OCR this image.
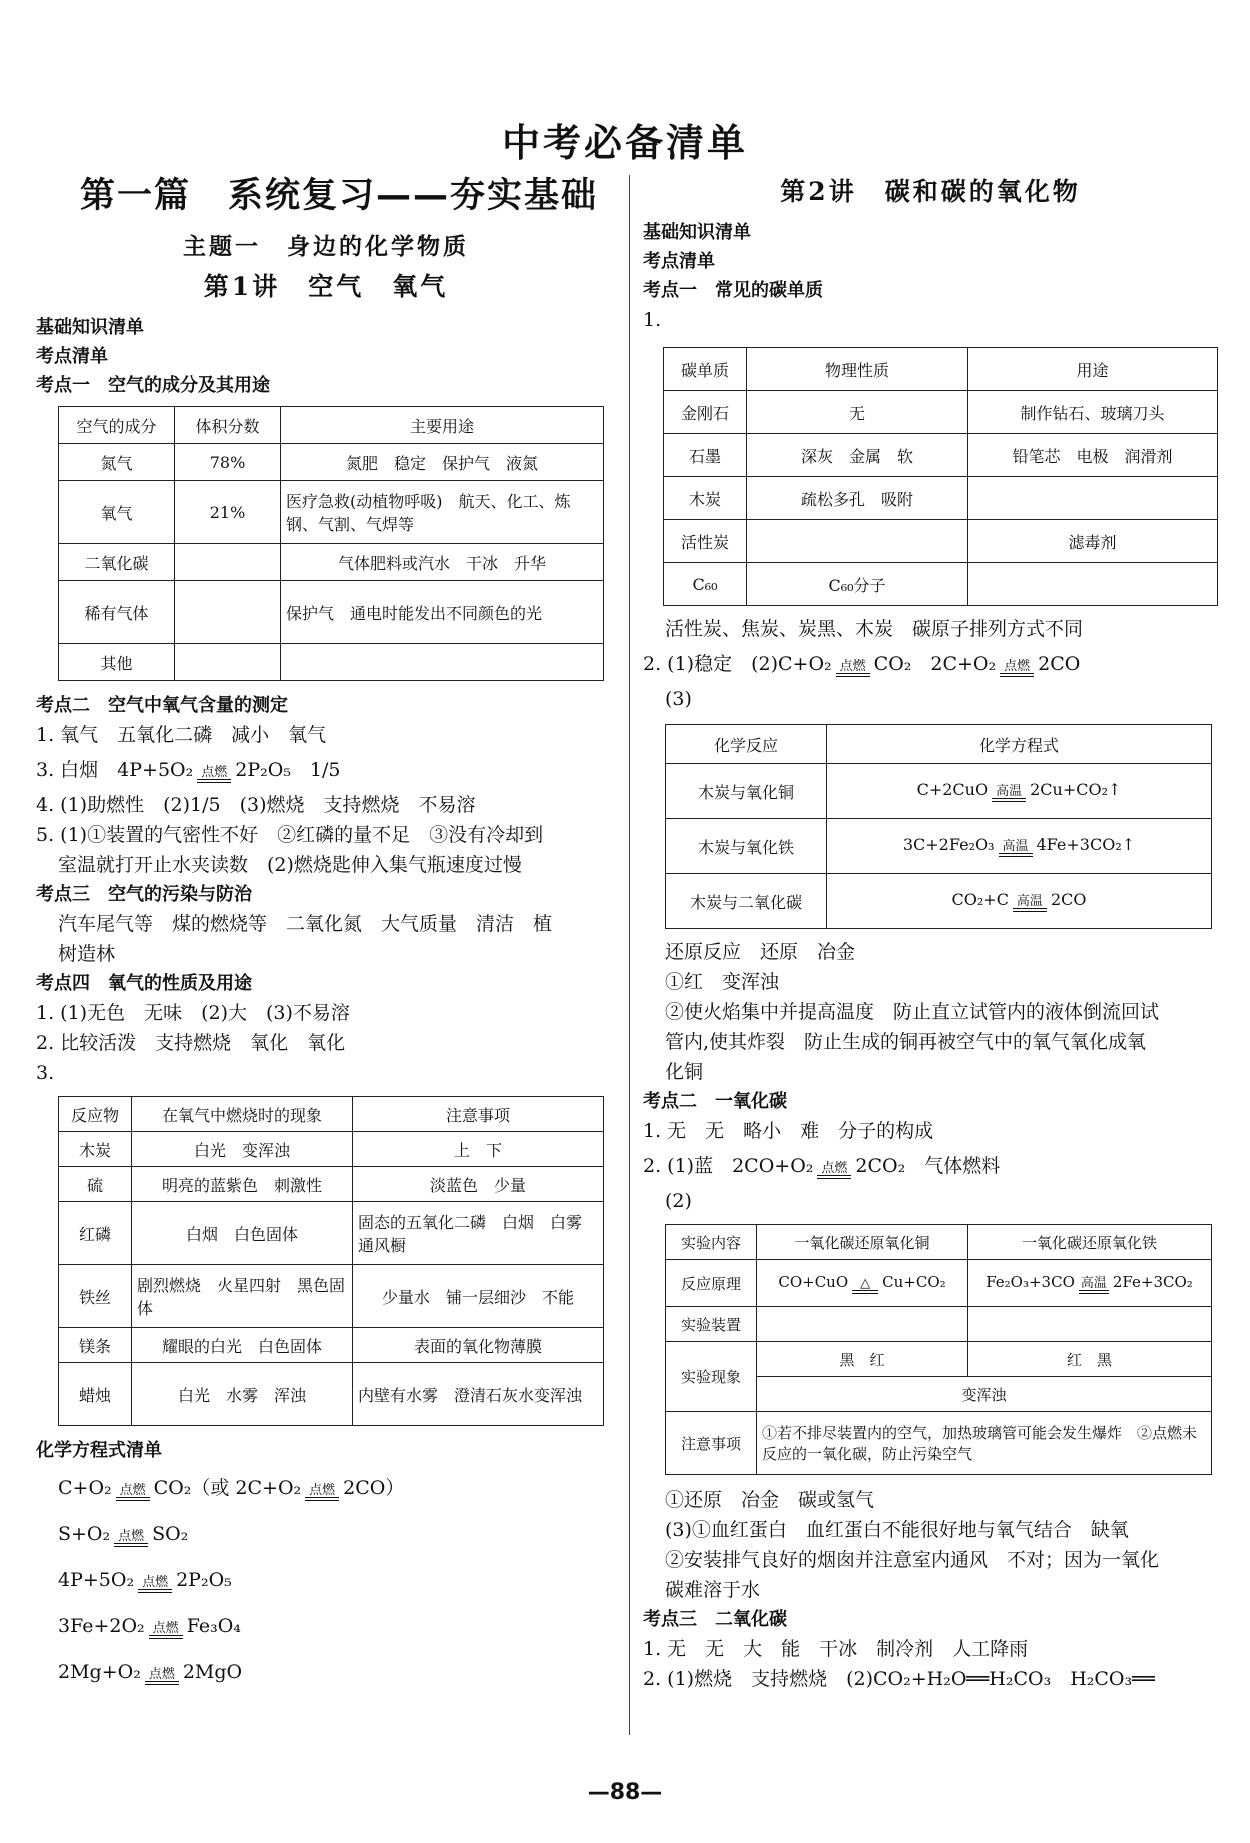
中考必备清单
第一篇　系统复习——夯实基础
主题一　身边的化学物质
第1讲　空气　氧气
基础知识清单
考点清单
考点一　空气的成分及其用途
空气的成分	体积分数	主要用途
氮气	78%	氮肥　稳定　保护气　液氮
氧气	21%	医疗急救(动植物呼吸)　航天、化工、炼钢、气割、气焊等
二氧化碳		气体肥料或汽水　干冰　升华
稀有气体		保护气　通电时能发出不同颜色的光
其他		
考点二　空气中氧气含量的测定
1. 氧气　五氧化二磷　减小　氧气
3. 白烟　4P+5O₂ 点燃 2P₂O₅　1/5
4. (1)助燃性　(2)1/5　(3)燃烧　支持燃烧　不易溶
5. (1)①装置的气密性不好　②红磷的量不足　③没有冷却到
室温就打开止水夹读数　(2)燃烧匙伸入集气瓶速度过慢
考点三　空气的污染与防治
汽车尾气等　煤的燃烧等　二氧化氮　大气质量　清洁　植
树造林
考点四　氧气的性质及用途
1. (1)无色　无味　(2)大　(3)不易溶
2. 比较活泼　支持燃烧　氧化　氧化
3.
反应物	在氧气中燃烧时的现象	注意事项
木炭	白光　变浑浊	上　下
硫	明亮的蓝紫色　刺激性	淡蓝色　少量
红磷	白烟　白色固体	固态的五氧化二磷　白烟　白雾　通风橱
铁丝	剧烈燃烧　火星四射　黑色固体	少量水　铺一层细沙　不能
镁条	耀眼的白光　白色固体	表面的氧化物薄膜
蜡烛	白光　水雾　浑浊	内壁有水雾　澄清石灰水变浑浊
化学方程式清单
C+O₂ 点燃 CO₂（或 2C+O₂ 点燃 2CO）
S+O₂ 点燃 SO₂
4P+5O₂ 点燃 2P₂O₅
3Fe+2O₂ 点燃 Fe₃O₄
2Mg+O₂ 点燃 2MgO
第2讲　碳和碳的氧化物
基础知识清单
考点清单
考点一　常见的碳单质
1.
碳单质	物理性质	用途
金刚石	无	制作钻石、玻璃刀头
石墨	深灰　金属　软	铅笔芯　电极　润滑剂
木炭	疏松多孔　吸附	
活性炭		滤毒剂
C₆₀	C₆₀分子	
活性炭、焦炭、炭黑、木炭　碳原子排列方式不同
2. (1)稳定　(2)C+O₂ 点燃 CO₂　2C+O₂ 点燃 2CO
(3)
化学反应	化学方程式
木炭与氧化铜	C+2CuO 高温 2Cu+CO₂↑
木炭与氧化铁	3C+2Fe₂O₃ 高温 4Fe+3CO₂↑
木炭与二氧化碳	CO₂+C 高温 2CO
还原反应　还原　冶金
①红　变浑浊
②使火焰集中并提高温度　防止直立试管内的液体倒流回试
管内,使其炸裂　防止生成的铜再被空气中的氧气氧化成氧
化铜
考点二　一氧化碳
1. 无　无　略小　难　分子的构成
2. (1)蓝　2CO+O₂ 点燃 2CO₂　气体燃料
(2)
实验内容	一氧化碳还原氧化铜	一氧化碳还原氧化铁
反应原理	CO+CuO △ Cu+CO₂	Fe₂O₃+3CO 高温 2Fe+3CO₂
实验装置		
实验现象	黑　红	红　黑
	变浑浊	
注意事项	①若不排尽装置内的空气，加热玻璃管可能会发生爆炸　②点燃未反应的一氧化碳，防止污染空气	
①还原　冶金　碳或氢气
(3)①血红蛋白　血红蛋白不能很好地与氧气结合　缺氧
②安装排气良好的烟囱并注意室内通风　不对；因为一氧化
碳难溶于水
考点三　二氧化碳
1. 无　无　大　能　干冰　制冷剂　人工降雨
2. (1)燃烧　支持燃烧　(2)CO₂+H₂O══H₂CO₃　H₂CO₃══
—88—
